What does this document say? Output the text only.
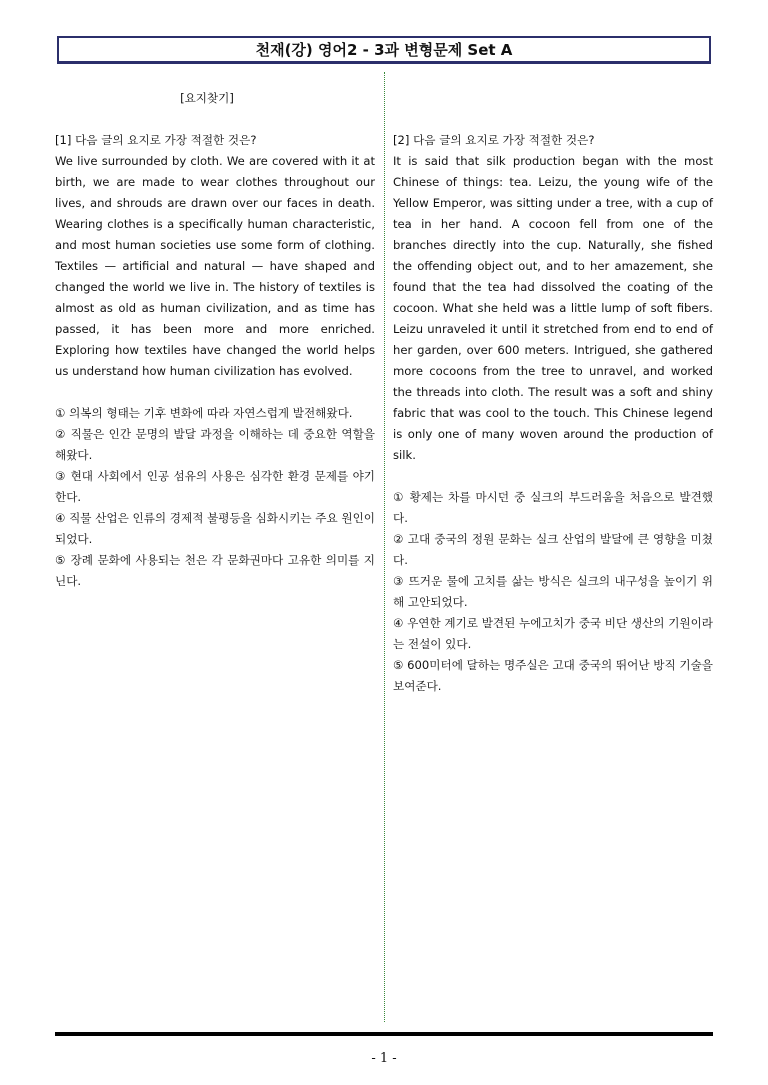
천재(강) 영어2 - 3과 변형문제 Set A
[요지찾기]

[1] 다음 글의 요지로 가장 적절한 것은?

We live surrounded by cloth. We are covered with it at birth, we are made to wear clothes throughout our lives, and shrouds are drawn over our faces in death. Wearing clothes is a specifically human characteristic, and most human societies use some form of clothing. Textiles — artificial and natural — have shaped and changed the world we live in. The history of textiles is almost as old as human civilization, and as time has passed, it has been more and more enriched. Exploring how textiles have changed the world helps us understand how human civilization has evolved.

① 의복의 형태는 기후 변화에 따라 자연스럽게 발전해왔다.
② 직물은 인간 문명의 발달 과정을 이해하는 데 중요한 역할을 해왔다.
③ 현대 사회에서 인공 섬유의 사용은 심각한 환경 문제를 야기한다.
④ 직물 산업은 인류의 경제적 불평등을 심화시키는 주요 원인이 되었다.
⑤ 장례 문화에 사용되는 천은 각 문화권마다 고유한 의미를 지닌다.

[2] 다음 글의 요지로 가장 적절한 것은?

It is said that silk production began with the most Chinese of things: tea. Leizu, the young wife of the Yellow Emperor, was sitting under a tree, with a cup of tea in her hand. A cocoon fell from one of the branches directly into the cup. Naturally, she fished the offending object out, and to her amazement, she found that the tea had dissolved the coating of the cocoon. What she held was a little lump of soft fibers. Leizu unraveled it until it stretched from end to end of her garden, over 600 meters. Intrigued, she gathered more cocoons from the tree to unravel, and worked the threads into cloth. The result was a soft and shiny fabric that was cool to the touch. This Chinese legend is only one of many woven around the production of silk.

① 황제는 차를 마시던 중 실크의 부드러움을 처음으로 발견했다.
② 고대 중국의 정원 문화는 실크 산업의 발달에 큰 영향을 미쳤다.
③ 뜨거운 물에 고치를 삶는 방식은 실크의 내구성을 높이기 위해 고안되었다.
④ 우연한 계기로 발견된 누에고치가 중국 비단 생산의 기원이라는 전설이 있다.
⑤ 600미터에 달하는 명주실은 고대 중국의 뛰어난 방직 기술을 보여준다.
- 1 -
